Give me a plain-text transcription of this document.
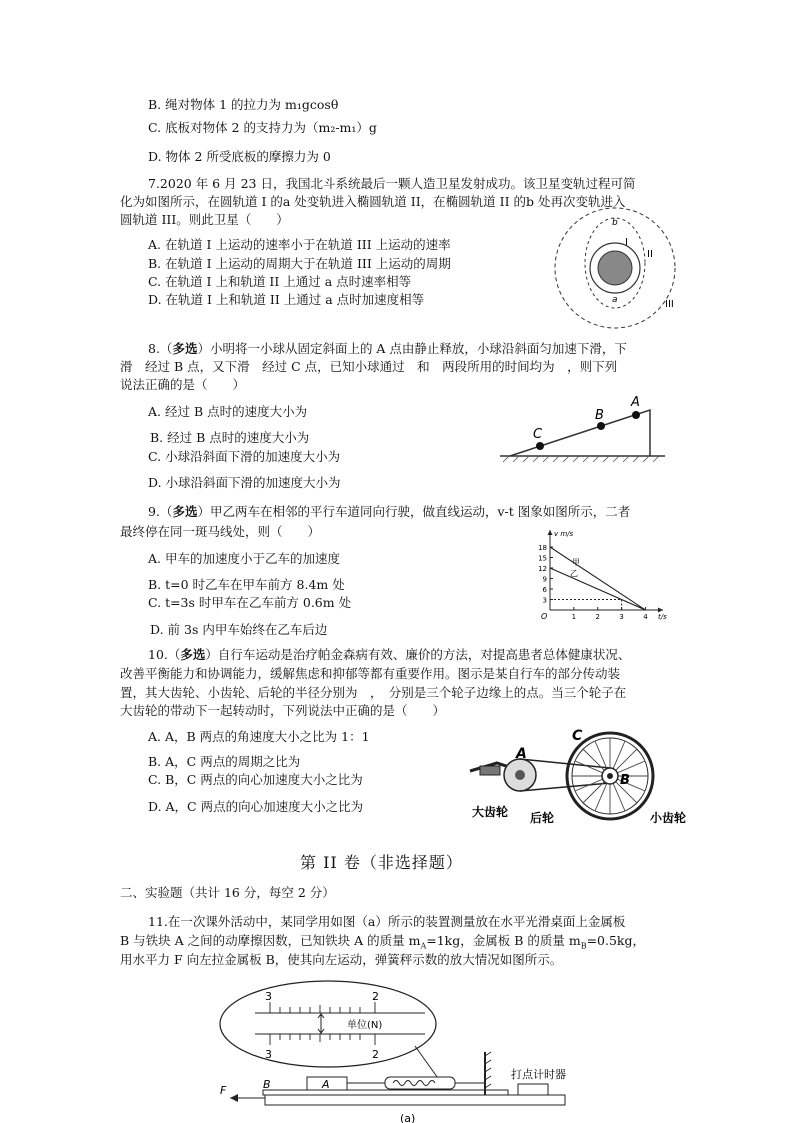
B. 绳对物体 1 的拉力为 m₁gcosθ
C. 底板对物体 2 的支持力为（m₂-m₁）g
D. 物体 2 所受底板的摩擦力为 0
7.2020 年 6 月 23 日，我国北斗系统最后一颗人造卫星发射成功。该卫星变轨过程可简
化为如图所示，在圆轨道 I 的a 处变轨进入椭圆轨道 II，在椭圆轨道 II 的b 处再次变轨进入
圆轨道 III。则此卫星（　　）
A. 在轨道 I 上运动的速率小于在轨道 III 上运动的速率
B. 在轨道 I 上运动的周期大于在轨道 III 上运动的周期
C. 在轨道 I 上和轨道 II 上通过 a 点时速率相等
D. 在轨道 I 上和轨道 II 上通过 a 点时加速度相等
b
a
I
II
III
8.（多选）小明将一小球从固定斜面上的 A 点由静止释放，小球沿斜面匀加速下滑，下
滑　经过 B 点，又下滑　经过 C 点，已知小球通过　和　两段所用的时间均为　，则下列
说法正确的是（　　）
A. 经过 B 点时的速度大小为
B. 经过 B 点时的速度大小为
C. 小球沿斜面下滑的加速度大小为
D. 小球沿斜面下滑的加速度大小为
C
B
A
9.（多选）甲乙两车在相邻的平行车道同向行驶，做直线运动，v-t 图象如图所示，二者
最终停在同一斑马线处，则（　　）
A. 甲车的加速度小于乙车的加速度
B. t=0 时乙车在甲车前方 8.4m 处
C. t=3s 时甲车在乙车前方 0.6m 处
D. 前 3s 内甲车始终在乙车后边
3
6
9
12
15
18
1	2	3	4
O	t/s
v m/s
甲
乙
10.（多选）自行车运动是治疗帕金森病有效、廉价的方法，对提高患者总体健康状况、
改善平衡能力和协调能力，缓解焦虑和抑郁等都有重要作用。图示是某自行车的部分传动装
置，其大齿轮、小齿轮、后轮的半径分别为　，　分别是三个轮子边缘上的点。当三个轮子在
大齿轮的带动下一起转动时，下列说法中正确的是（　　）
A. A，B 两点的角速度大小之比为 1：1
B. A，C 两点的周期之比为
C. B，C 两点的向心加速度大小之比为
D. A，C 两点的向心加速度大小之比为
A
C
B
大齿轮 后轮	小齿轮
第 II 卷（非选择题）
二、实验题（共计 16 分，每空 2 分）
11.在一次课外活动中，某同学用如图（a）所示的装置测量放在水平光滑桌面上金属板
B 与铁块 A 之间的动摩擦因数，已知铁块 A 的质量 $m_A=1kg$，金属板 B 的质量 $m_B=0.5kg$，
用水平力 F 向左拉金属板 B，使其向左运动，弹簧秤示数的放大情况如图所示。
3	2
3	2
单位(N)
F	B	A
打点计时器
(a)
